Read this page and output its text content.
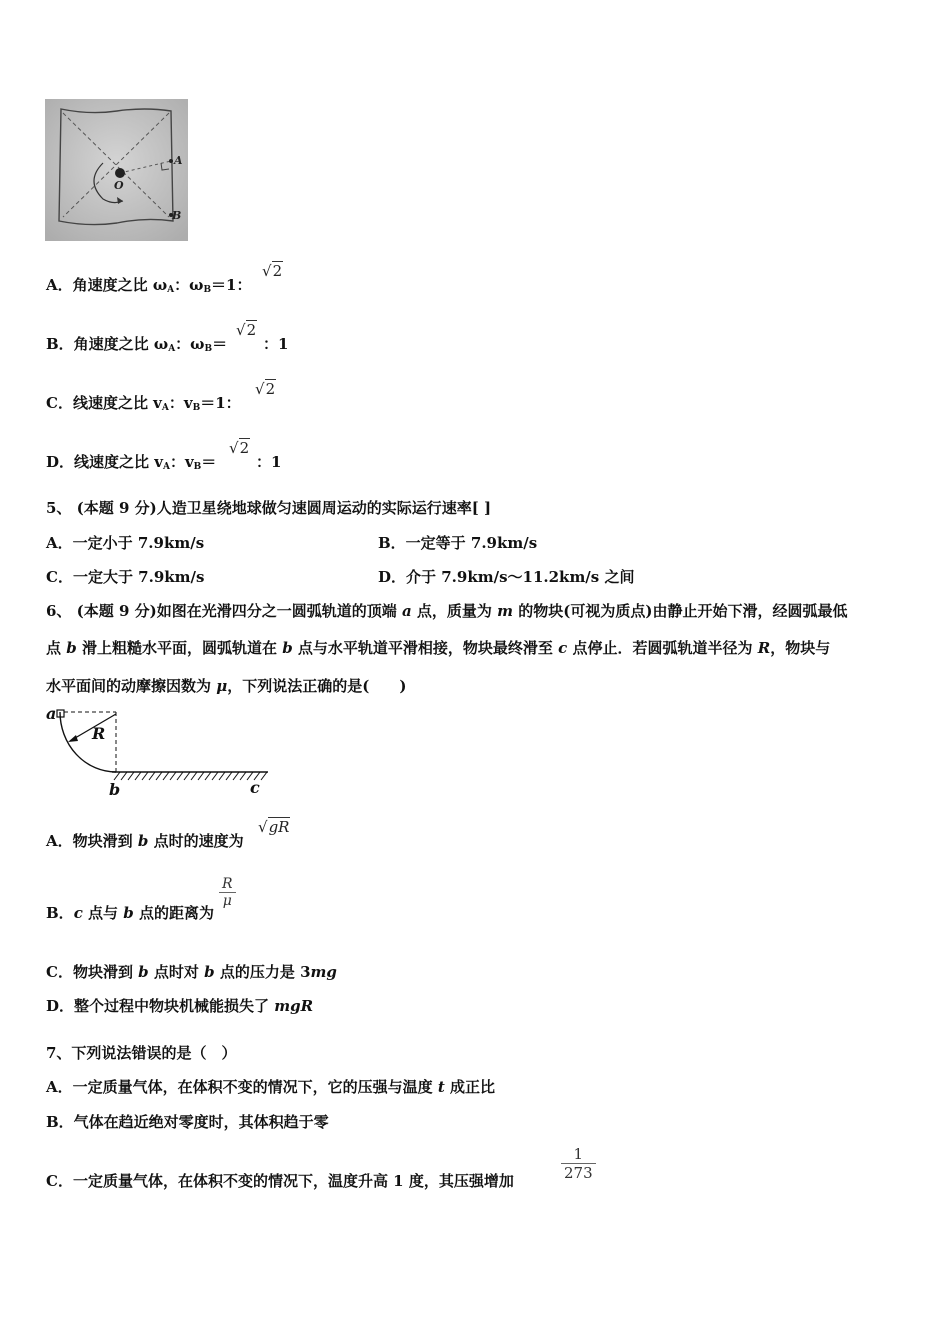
A
B
O
A．角速度之比 $\omega_A$：$\omega_B=1$：
√2
B．角速度之比 $\omega_A$：$\omega_B=$
√2
：1
C．线速度之比 $v_A$：$v_B=1$：
√2
D．线速度之比 $v_A$：$v_B=$
√2
：1
5、 (本题 9 分)人造卫星绕地球做匀速圆周运动的实际运行速率[ ]
A．一定小于 7.9km/s	B．一定等于 7.9km/s
C．一定大于 7.9km/s	D．介于 7.9km/s～11.2km/s 之间
6、 (本题 9 分)如图在光滑四分之一圆弧轨道的顶端 a 点，质量为 m 的物块(可视为质点)由静止开始下滑，经圆弧最低
点 b 滑上粗糙水平面，圆弧轨道在 b 点与水平轨道平滑相接，物块最终滑至 c 点停止．若圆弧轨道半径为 R，物块与
水平面间的动摩擦因数为 μ，下列说法正确的是(　　)
a
R
b	c
A．物块滑到 b 点时的速度为
√gR
B．c 点与 b 点的距离为
R
μ
C．物块滑到 b 点时对 b 点的压力是 3mg
D．整个过程中物块机械能损失了 mgR
7、下列说法错误的是（　）
A．一定质量气体，在体积不变的情况下，它的压强与温度 t 成正比
B．气体在趋近绝对零度时，其体积趋于零
C．一定质量气体，在体积不变的情况下，温度升高 1 度，其压强增加
1
273
